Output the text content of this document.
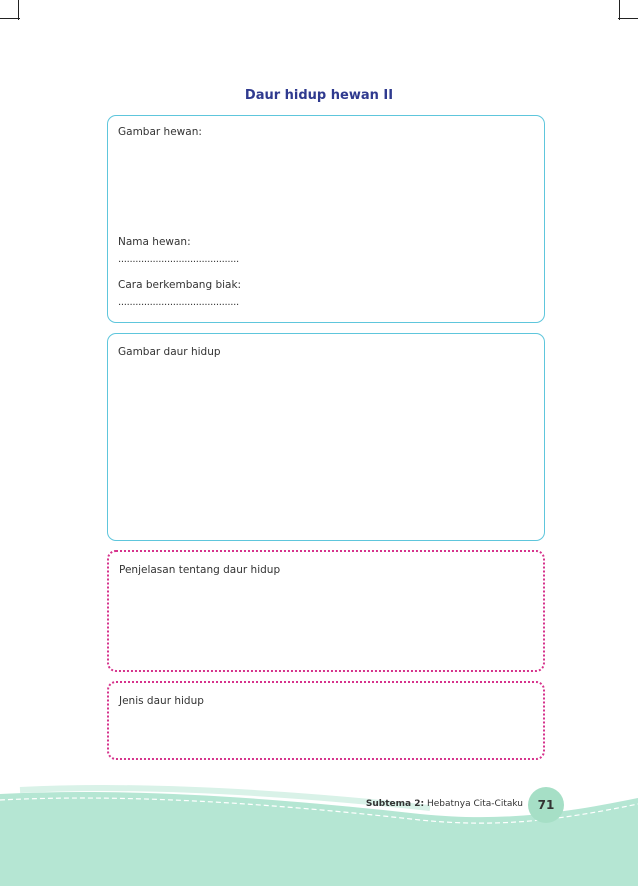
Daur hidup hewan II
Gambar hewan:
Nama hewan:
..........................................
Cara berkembang biak:
..........................................
Gambar daur hidup
Penjelasan tentang daur hidup
Jenis daur hidup
Subtema 2: Hebatnya Cita-Citaku	71
